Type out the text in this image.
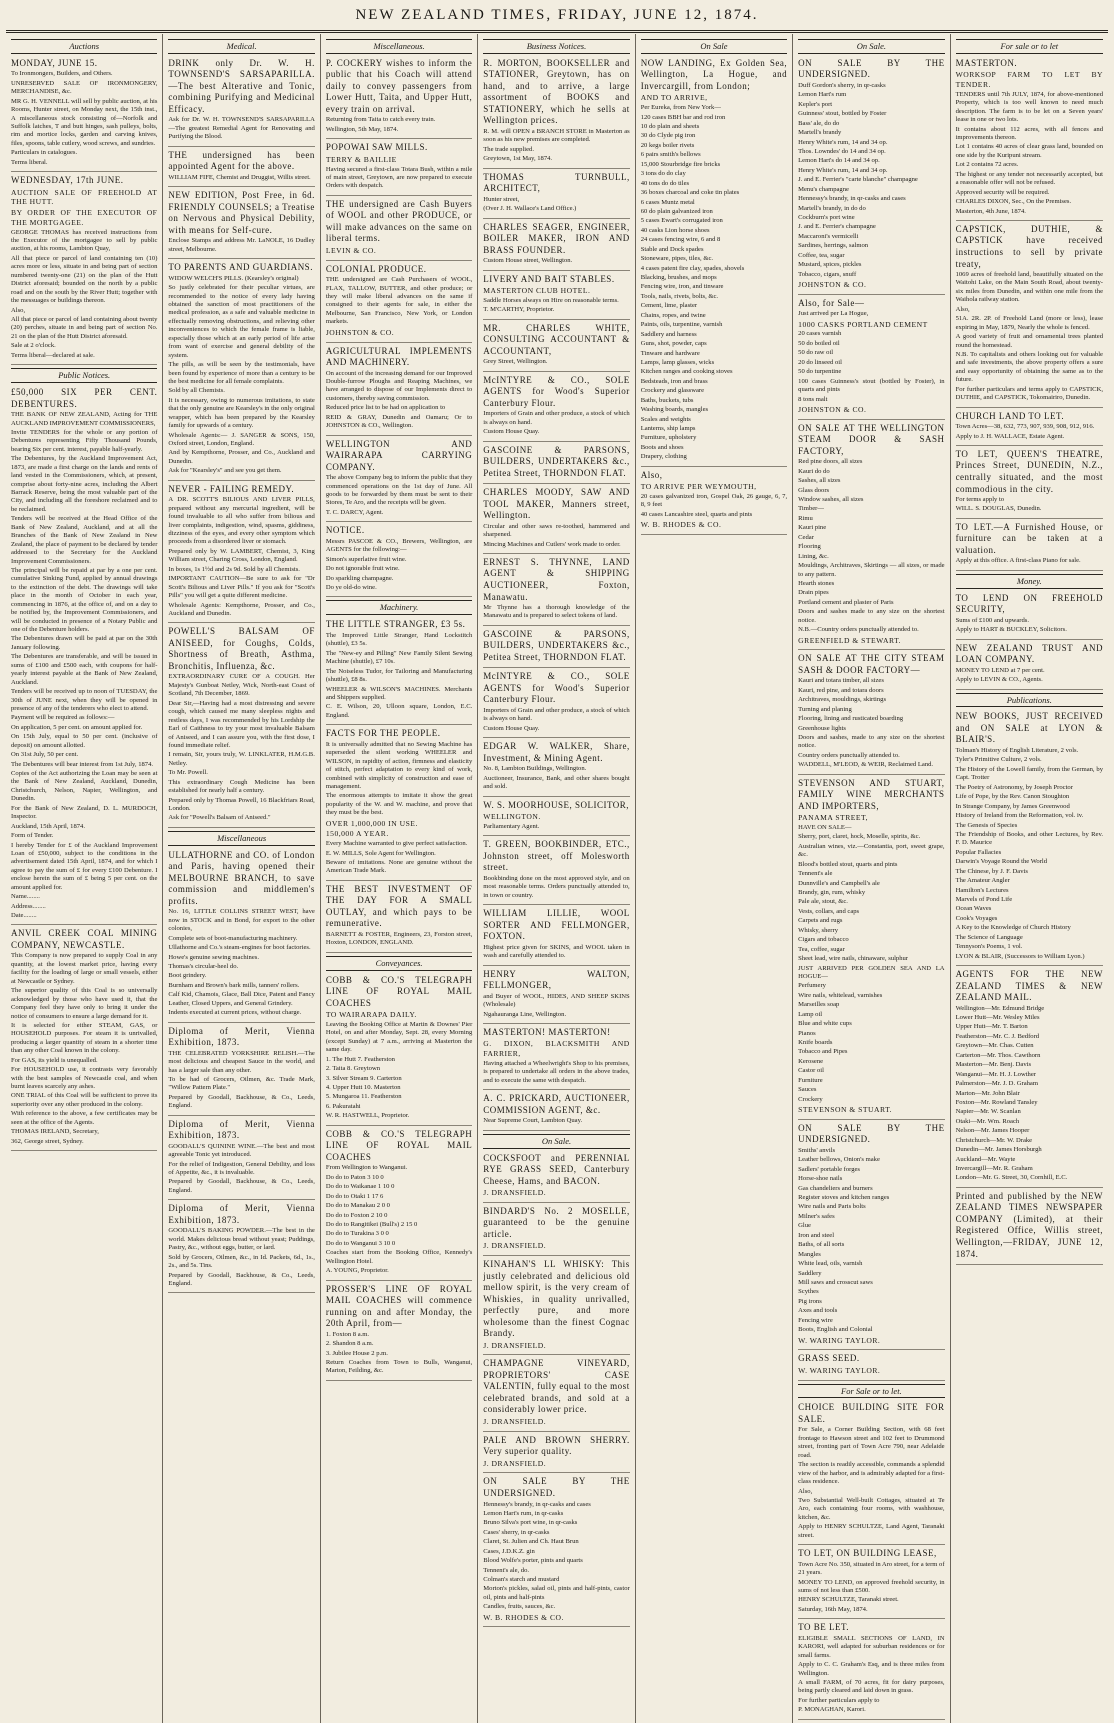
NEW ZEALAND TIMES, FRIDAY, JUNE 12, 1874.
Auctions

MONDAY, JUNE 15.

To Ironmongers, Builders, and Others.

UNRESERVED SALE OF IRONMONGERY, MERCHANDISE, &c.

MR G. H. VENNELL will sell by public auction, at his Rooms, Hunter street, on Monday next, the 15th inst., A miscellaneous stock consisting of—Norfolk and Suffolk latches, T and butt hinges, sash pulleys, bolts, rim and mortice locks, garden and carving knives, files, spoons, table cutlery, wood screws, and sundries.

Particulars in catalogues.

Terms liberal.

WEDNESDAY, 17th JUNE.

AUCTION SALE OF FREEHOLD AT THE HUTT.

BY ORDER OF THE EXECUTOR OF THE MORTGAGEE.

GEORGE THOMAS has received instructions from the Executor of the mortgagee to sell by public auction, at his rooms, Lambton Quay,

All that piece or parcel of land containing ten (10) acres more or less, situate in and being part of section numbered twenty-one (21) on the plan of the Hutt District aforesaid; bounded on the north by a public road and on the south by the River Hutt; together with the messuages or buildings thereon.

Also,

All that piece or parcel of land containing about twenty (20) perches, situate in and being part of section No. 21 on the plan of the Hutt District aforesaid.

Sale at 2 o'clock.

Terms liberal—declared at sale.

Public Notices.

£50,000 SIX PER CENT. DEBENTURES.

THE BANK OF NEW ZEALAND, Acting for THE AUCKLAND IMPROVEMENT COMMISSIONERS,

Invite TENDERS for the whole or any portion of Debentures representing Fifty Thousand Pounds, bearing Six per cent. interest, payable half-yearly.

The Debentures, by the Auckland Improvement Act, 1873, are made a first charge on the lands and rents of land vested in the Commissioners, which, at present, comprise about forty-nine acres, including the Albert Barrack Reserve, being the most valuable part of the City, and including all the foreshore reclaimed and to be reclaimed.

Tenders will be received at the Head Office of the Bank of New Zealand, Auckland, and at all the Branches of the Bank of New Zealand in New Zealand, the place of payment to be declared by tender addressed to the Secretary for the Auckland Improvement Commissioners.

The principal will be repaid at par by a one per cent. cumulative Sinking Fund, applied by annual drawings to the extinction of the debt. The drawings will take place in the month of October in each year, commencing in 1876, at the office of, and on a day to be notified by, the Improvement Commissioners, and will be conducted in presence of a Notary Public and one of the Debenture holders.

The Debentures drawn will be paid at par on the 30th January following.

The Debentures are transferable, and will be issued in sums of £100 and £500 each, with coupons for half-yearly interest payable at the Bank of New Zealand, Auckland.

Tenders will be received up to noon of TUESDAY, the 30th of JUNE next, when they will be opened in presence of any of the tenderers who elect to attend.

Payment will be required as follows:—

On application, 5 per cent. on amount applied for.

On 15th July, equal to 50 per cent. (inclusive of deposit) on amount allotted.

On 31st July, 50 per cent.

The Debentures will bear interest from 1st July, 1874.

Copies of the Act authorizing the Loan may be seen at the Bank of New Zealand, Auckland, Dunedin, Christchurch, Nelson, Napier, Wellington, and Dunedin.

For the Bank of New Zealand, D. L. MURDOCH, Inspector.

Auckland, 15th April, 1874.

Form of Tender.

I hereby Tender for £ of the Auckland Improvement Loan of £50,000, subject to the conditions in the advertisement dated 15th April, 1874, and for which I agree to pay the sum of £ for every £100 Debenture. I enclose herein the sum of £ being 5 per cent. on the amount applied for.

Name........

Address........

Date........

ANVIL CREEK COAL MINING COMPANY, NEWCASTLE.

This Company is now prepared to supply Coal in any quantity, at the lowest market price, having every facility for the loading of large or small vessels, either at Newcastle or Sydney.

The superior quality of this Coal is so universally acknowledged by those who have used it, that the Company feel they have only to bring it under the notice of consumers to ensure a large demand for it.

It is selected for either STEAM, GAS, or HOUSEHOLD purposes. For steam it is unrivalled, producing a larger quantity of steam in a shorter time than any other Coal known in the colony.

For GAS, its yield is unequalled.

For HOUSEHOLD use, it contrasts very favorably with the best samples of Newcastle coal, and when burnt leaves scarcely any ashes.

ONE TRIAL of this Coal will be sufficient to prove its superiority over any other produced in the colony.

With reference to the above, a few certificates may be seen at the office of the Agents.

THOMAS IRELAND, Secretary,

362, George street, Sydney.

Medical.

DRINK only Dr. W. H. TOWNSEND'S SARSAPARILLA.—The best Alterative and Tonic, combining Purifying and Medicinal Efficacy.

Ask for Dr. W. H. TOWNSEND'S SARSAPARILLA—The greatest Remedial Agent for Renovating and Purifying the Blood.

THE undersigned has been appointed Agent for the above.

WILLIAM FIFE, Chemist and Druggist, Willis street.

NEW EDITION, Post Free, in 6d. FRIENDLY COUNSELS; a Treatise on Nervous and Physical Debility, with means for Self-cure.

Enclose Stamps and address Mr. LaNOLE, 16 Dudley street, Melbourne.

TO PARENTS AND GUARDIANS.

WIDOW WELCH'S PILLS. (Kearsley's original)

So justly celebrated for their peculiar virtues, are recommended to the notice of every lady having obtained the sanction of most practitioners of the medical profession, as a safe and valuable medicine in effectually removing obstructions, and relieving other inconveniences to which the female frame is liable, especially those which at an early period of life arise from want of exercise and general debility of the system.

The pills, as will be seen by the testimonials, have been found by experience of more than a century to be the best medicine for all female complaints.

Sold by all Chemists.

It is necessary, owing to numerous imitations, to state that the only genuine are Kearsley's in the only original wrapper, which has been prepared by the Kearsley family for upwards of a century.

Wholesale Agents:— J. SANGER & SONS, 150, Oxford street, London, England.

And by Kempthorne, Prosser, and Co., Auckland and Dunedin.

Ask for "Kearsley's" and see you get them.

NEVER - FAILING REMEDY.

A DR. SCOTT'S BILIOUS AND LIVER PILLS, prepared without any mercurial ingredient, will be found invaluable to all who suffer from bilious and liver complaints, indigestion, wind, spasms, giddiness, dizziness of the eyes, and every other symptom which proceeds from a disordered liver or stomach.

Prepared only by W. LAMBERT, Chemist, 3, King William street, Charing Cross, London, England.

In boxes, 1s 1½d and 2s 9d. Sold by all Chemists.

IMPORTANT CAUTION—Be sure to ask for "Dr Scott's Bilious and Liver Pills." If you ask for "Scott's Pills" you will get a quite different medicine.

Wholesale Agents: Kempthorne, Prosser, and Co., Auckland and Dunedin.

POWELL'S BALSAM OF ANISEED, for Coughs, Colds, Shortness of Breath, Asthma, Bronchitis, Influenza, &c.

EXTRAORDINARY CURE OF A COUGH. Her Majesty's Gunboat Netley, Wick, North-east Coast of Scotland, 7th December, 1869.

Dear Sir,—Having had a most distressing and severe cough, which caused me many sleepless nights and restless days, I was recommended by his Lordship the Earl of Caithness to try your most invaluable Balsam of Aniseed, and I can assure you, with the first dose, I found immediate relief.

I remain, Sir, yours truly, W. LINKLATER, H.M.G.B. Netley.

To Mr. Powell.

This extraordinary Cough Medicine has been established for nearly half a century.

Prepared only by Thomas Powell, 16 Blackfriars Road, London.

Ask for "Powell's Balsam of Aniseed."

Miscellaneous

ULLATHORNE and CO. of London and Paris, having opened their MELBOURNE BRANCH, to save commission and middlemen's profits.

No. 16, LITTLE COLLINS STREET WEST, have now in STOCK and in Bond, for export to the other colonies,

Complete sets of boot-manufacturing machinery.

Ullathorne and Co.'s steam-engines for boot factories.

Howe's genuine sewing machines.

Thomas's circular-heel do.

Boot grindery.

Burnham and Brown's bark mills, tanners' rollers.

Calf Kid, Chamois, Glace, Ball Dice, Patent and Fancy Leather, Closed Uppers, and General Grindery.

Indents executed at current prices, without charge.

Diploma of Merit, Vienna Exhibition, 1873.

THE CELEBRATED YORKSHIRE RELISH.—The most delicious and cheapest Sauce in the world, and has a larger sale than any other.

To be had of Grocers, Oilmen, &c. Trade Mark, "Willow Pattern Plate."

Prepared by Goodall, Backhouse, & Co., Leeds, England.

Diploma of Merit, Vienna Exhibition, 1873.

GOODALL'S QUININE WINE.—The best and most agreeable Tonic yet introduced.

For the relief of Indigestion, General Debility, and loss of Appetite, &c., it is invaluable.

Prepared by Goodall, Backhouse, & Co., Leeds, England.

Diploma of Merit, Vienna Exhibition, 1873.

GOODALL'S BAKING POWDER.—The best in the world. Makes delicious bread without yeast; Puddings, Pastry, &c., without eggs, butter, or lard.

Sold by Grocers, Oilmen, &c., in Id. Packets, 6d., 1s., 2s., and 5s. Tins.

Prepared by Goodall, Backhouse, & Co., Leeds, England.

Miscellaneous.

P. COCKERY wishes to inform the public that his Coach will attend daily to convey passengers from Lower Hutt, Taita, and Upper Hutt, every train on arrival.

Returning from Taita to catch every train.

Wellington, 5th May, 1874.

POPOWAI SAW MILLS.

TERRY & BAILLIE

Having secured a first-class Totara Bush, within a mile of main street, Greytown, are now prepared to execute Orders with despatch.

THE undersigned are Cash Buyers of WOOL and other PRODUCE, or will make advances on the same on liberal terms.

LEVIN & CO.

COLONIAL PRODUCE.

THE undersigned are Cash Purchasers of WOOL, FLAX, TALLOW, BUTTER, and other produce; or they will make liberal advances on the same if consigned to their agents for sale, in either the Melbourne, San Francisco, New York, or London markets.

JOHNSTON & CO.

AGRICULTURAL IMPLEMENTS AND MACHINERY.

On account of the increasing demand for our Improved Double-furrow Ploughs and Reaping Machines, we have arranged to dispose of our Implements direct to customers, thereby saving commission.

Reduced price list to be had on application to

REID & GRAY, Dunedin and Oamaru; Or to JOHNSTON & CO., Wellington.

WELLINGTON AND WAIRARAPA CARRYING COMPANY.

The above Company beg to inform the public that they commenced operations on the 1st day of June. All goods to be forwarded by them must be sent to their Stores, Te Aro, and the receipts will be given.

T. C. DARCY, Agent.

NOTICE.

Messrs PASCOE & CO., Brewers, Wellington, are AGENTS for the following:—

Simon's superlative fruit wine.

Do not ignorable fruit wine.

Do sparkling champagne.

Do ye old-do wine.

Machinery.

THE LITTLE STRANGER, £3 5s.

The Improved Little Stranger, Hand Lockstitch (shuttle), £3 5s.

The "New-ey and Pilling" New Family Silent Sewing Machine (shuttle), £7 10s.

The Noiseless Tudor, for Tailoring and Manufacturing (shuttle), £8 8s.

WHEELER & WILSON'S MACHINES. Merchants and Shippers supplied.

C. E. Wilson, 20, Ulloon square, London, E.C. England.

FACTS FOR THE PEOPLE.

It is universally admitted that no Sewing Machine has superseded the silent working WHEELER and WILSON, in rapidity of action, firmness and elasticity of stitch, perfect adaptation to every kind of work, combined with simplicity of construction and ease of management.

The enormous attempts to imitate it show the great popularity of the W. and W. machine, and prove that they must be the best.

OVER 1,000,000 IN USE.

150,000 A YEAR.

Every Machine warranted to give perfect satisfaction.

E. W. MILLS, Sole Agent for Wellington.

Beware of imitations. None are genuine without the American Trade Mark.

THE BEST INVESTMENT OF THE DAY FOR A SMALL OUTLAY, and which pays to be remunerative.

BARNETT & FOSTER, Engineers, 23, Forston street, Hoxton, LONDON, ENGLAND.

Conveyances.

COBB & CO.'S TELEGRAPH LINE OF ROYAL MAIL COACHES

TO WAIRARAPA DAILY.

Leaving the Booking Office at Martin & Downes' Pier Hotel, on and after Monday, Sept. 28, every Morning (except Sunday) at 7 a.m., arriving at Masterton the same day.

1. The Hutt 7. Featherston

2. Taita 8. Greytown

3. Silver Stream 9. Carterton

4. Upper Hutt 10. Masterton

5. Mungaroa 11. Featherston

6. Pakuratahi

W. R. HASTWELL, Proprietor.

COBB & CO.'S TELEGRAPH LINE OF ROYAL MAIL COACHES

From Wellington to Wanganui.

Do do to Paton 3 10 0

Do do to Waikanae 1 10 0

Do do to Otaki 1 17 6

Do do to Manakau 2 0 0

Do do to Foxton 2 10 0

Do do to Rangitikei (Bull's) 2 15 0

Do do to Turakina 3 0 0

Do do to Wanganui 3 10 0

Coaches start from the Booking Office, Kennedy's Wellington Hotel.

A. YOUNG, Proprietor.

PROSSER'S LINE OF ROYAL MAIL COACHES will commence running on and after Monday, the 20th April, from—

1. Foxton 8 a.m.

2. Shandon 8 a.m.

3. Jubilee House 2 p.m.

Return Coaches from Town to Bulls, Wanganui, Marton, Feilding, &c.

Business Notices.

R. MORTON, BOOKSELLER and STATIONER, Greytown, has on hand, and to arrive, a large assortment of BOOKS and STATIONERY, which he sells at Wellington prices.

R. M. will OPEN a BRANCH STORE in Masterton as soon as his new premises are completed.

The trade supplied.

Greytown, 1st May, 1874.

THOMAS TURNBULL, ARCHITECT,

Hunter street,

(Over J. H. Wallace's Land Office.)

CHARLES SEAGER, ENGINEER, BOILER MAKER, IRON AND BRASS FOUNDER.

Custom House street, Wellington.

LIVERY AND BAIT STABLES.

MASTERTON CLUB HOTEL.

Saddle Horses always on Hire on reasonable terms.

T. M'CARTHY, Proprietor.

MR. CHARLES WHITE, CONSULTING ACCOUNTANT & ACCOUNTANT,

Grey Street, Wellington.

McINTYRE & CO., SOLE AGENTS for Wood's Superior Canterbury Flour.

Importers of Grain and other produce, a stock of which is always on hand.

Custom House Quay.

GASCOINE & PARSONS, BUILDERS, UNDERTAKERS &c., Petitea Street, THORNDON FLAT.

CHARLES MOODY, SAW AND TOOL MAKER, Manners street, Wellington.

Circular and other saws re-toothed, hammered and sharpened.

Mincing Machines and Cutlers' work made to order.

ERNEST S. THYNNE, LAND AGENT & SHIPPING AUCTIONEER, Foxton, Manawatu.

Mr Thynne has a thorough knowledge of the Manawatu and is prepared to select tokens of land.

GASCOINE & PARSONS, BUILDERS, UNDERTAKERS &c., Petitea Street, THORNDON FLAT.

McINTYRE & CO., SOLE AGENTS for Wood's Superior Canterbury Flour.

Importers of Grain and other produce, a stock of which is always on hand.

Custom House Quay.

EDGAR W. WALKER, Share, Investment, & Mining Agent.

No. 8, Lambton Buildings, Wellington.

Auctioneer, Insurance, Bank, and other shares bought and sold.

W. S. MOORHOUSE, SOLICITOR,

WELLINGTON.

Parliamentary Agent.

T. GREEN, BOOKBINDER, ETC., Johnston street, off Molesworth street.

Bookbinding done on the most approved style, and on most reasonable terms. Orders punctually attended to, in town or country.

WILLIAM LILLIE, WOOL SORTER AND FELLMONGER, FOXTON.

Highest price given for SKINS, and WOOL taken in wash and carefully attended to.

HENRY WALTON, FELLMONGER,

and Buyer of WOOL, HIDES, AND SHEEP SKINS (Wholesale)

Ngahauranga Line, Wellington.

MASTERTON! MASTERTON!

G. DIXON, BLACKSMITH AND FARRIER,

Having attached a Wheelwright's Shop to his premises, is prepared to undertake all orders in the above trades, and to execute the same with despatch.

A. C. PRICKARD, AUCTIONEER, COMMISSION AGENT, &c.

Near Supreme Court, Lambton Quay.

On Sale.

COCKSFOOT and PERENNIAL RYE GRASS SEED, Canterbury Cheese, Hams, and BACON.

J. DRANSFIELD.

BINDARD'S No. 2 MOSELLE, guaranteed to be the genuine article.

J. DRANSFIELD.

KINAHAN'S LL WHISKY: This justly celebrated and delicious old mellow spirit, is the very cream of Whiskies, in quality unrivalled, perfectly pure, and more wholesome than the finest Cognac Brandy.

J. DRANSFIELD.

CHAMPAGNE VINEYARD, PROPRIETORS' CASE VALENTIN, fully equal to the most celebrated brands, and sold at a considerably lower price.

J. DRANSFIELD.

PALE AND BROWN SHERRY. Very superior quality.

J. DRANSFIELD.

ON SALE BY THE UNDERSIGNED.

Hennessy's brandy, in qr-casks and cases

Lemon Hart's rum, in qr-casks

Bruno Silva's port wine, in qr-casks

Cases' sherry, in qr-casks

Claret, St. Julien and Ch. Haut Brun

Cases, J.D.K.Z. gin

Blood Wolfe's porter, pints and quarts

Tennent's ale, do.

Colman's starch and mustard

Morton's pickles, salad oil, pints and half-pints, castor oil, pints and half-pints

Candles, fruits, sauces, &c.

W. B. RHODES & CO.

On Sale

NOW LANDING, Ex Golden Sea, Wellington, La Hogue, and Invercargill, from London;

AND TO ARRIVE,

Per Eureka, from New York—

120 cases BBH bar and rod iron

10 do plain and sheets

30 do Clyde pig iron

20 kegs boiler rivets

6 pairs smith's bellows

15,000 Stourbridge fire bricks

3 tons do do clay

40 tons do do tiles

36 boxes charcoal and coke tin plates

6 cases Muntz metal

60 do plain galvanized iron

5 cases Ewart's corrugated iron

40 casks Lion horse shoes

24 cases fencing wire, 6 and 8

Stable and Dock spades

Stoneware, pipes, tiles, &c.

4 cases patent fire clay, spades, shovels

Blacking, brushes, and mops

Fencing wire, iron, and tinware

Tools, nails, rivets, bolts, &c.

Cement, lime, plaster

Chains, ropes, and twine

Paints, oils, turpentine, varnish

Saddlery and harness

Guns, shot, powder, caps

Tinware and hardware

Lamps, lamp glasses, wicks

Kitchen ranges and cooking stoves

Bedsteads, iron and brass

Crockery and glassware

Baths, buckets, tubs

Washing boards, mangles

Scales and weights

Lanterns, ship lamps

Furniture, upholstery

Boots and shoes

Drapery, clothing

Also,

TO ARRIVE PER WEYMOUTH,

20 cases galvanized iron, Gospel Oak, 26 gauge, 6, 7, 8, 9 feet

40 cases Lancashire steel, quarts and pints

W. B. RHODES & CO.

On Sale.

ON SALE BY THE UNDERSIGNED.

Duff Gordon's sherry, in qr-casks

Lemon Hart's rum

Kepler's port

Guinness' stout, bottled by Foster

Bass' ale, do do

Martell's brandy

Henry White's rum, 14 and 34 op.

Thos. Lowndes' do 14 and 34 op.

Lemon Hart's do 14 and 34 op.

Henry White's rum, 14 and 34 op.

J. and E. Ferrier's "carte blanche" champagne

Menu's champagne

Hennessy's brandy, in qr-casks and cases

Martell's brandy, in do do

Cockburn's port wine

J. and E. Ferrier's champagne

Maccaroni's vermicelli

Sardines, herrings, salmon

Coffee, tea, sugar

Mustard, spices, pickles

Tobacco, cigars, snuff

JOHNSTON & CO.

Also, for Sale—

Just arrived per La Hogue,

1000 CASKS PORTLAND CEMENT

20 cases varnish

50 do boiled oil

50 do raw oil

20 do linseed oil

50 do turpentine

100 cases Guinness's stout (bottled by Foster), in quarts and pints

8 tons malt

JOHNSTON & CO.

ON SALE AT THE WELLINGTON STEAM DOOR & SASH FACTORY,

Red pine doors, all sizes

Kauri do do

Sashes, all sizes

Glass doors

Window sashes, all sizes

Timber—

Rimu

Kauri pine

Cedar

Flooring

Lining, &c.

Mouldings, Architraves, Skirtings — all sizes, or made to any pattern.

Hearth stones

Drain pipes

Portland cement and plaster of Paris

Doors and sashes made to any size on the shortest notice.

N.B.—Country orders punctually attended to.

GREENFIELD & STEWART.

ON SALE AT THE CITY STEAM SASH & DOOR FACTORY—

Kauri and totara timber, all sizes

Kauri, red pine, and totara doors

Architraves, mouldings, skirtings

Turning and planing

Flooring, lining and rusticated boarding

Greenhouse lights

Doors and sashes, made to any size on the shortest notice.

Country orders punctually attended to.

WADDELL, M'LEOD, & WEIR, Reclaimed Land.

STEVENSON AND STUART, FAMILY WINE MERCHANTS AND IMPORTERS,

PANAMA STREET,

HAVE ON SALE—

Sherry, port, claret, hock, Moselle, spirits, &c.

Australian wines, viz.—Constantia, port, sweet grape, &c.

Blood's bottled stout, quarts and pints

Tennent's ale

Dunnville's and Campbell's ale

Brandy, gin, rum, whisky

Pale ale, stout, &c.

Vests, collars, and caps

Carpets and rugs

Whisky, sherry

Cigars and tobacco

Tea, coffee, sugar

Sheet lead, wire nails, chinaware, sulphur

JUST ARRIVED PER GOLDEN SEA AND LA HOGUE—

Perfumery

Wire nails, whitelead, varnishes

Marseilles soap

Lamp oil

Blue and white cups

Pianos

Knife boards

Tobacco and Pipes

Kerosene

Castor oil

Furniture

Sauces

Crockery

STEVENSON & STUART.

ON SALE BY THE UNDERSIGNED.

Smiths' anvils

Leather bellows, Onion's make

Sadlers' portable forges

Horse-shoe nails

Gas chandeliers and burners

Register stoves and kitchen ranges

Wire nails and Paris bolts

Milner's safes

Glue

Iron and steel

Baths, of all sorts

Mangles

White lead, oils, varnish

Saddlery

Mill saws and crosscut saws

Scythes

Pig irons

Axes and tools

Fencing wire

Boots, English and Colonial

W. WARING TAYLOR.

GRASS SEED.

W. WARING TAYLOR.

For Sale or to let.

CHOICE BUILDING SITE FOR SALE.

For Sale, a Corner Building Section, with 68 feet frontage to Hawson street and 102 feet to Drummond street, fronting part of Town Acre 790, near Adelaide road.

The section is readily accessible, commands a splendid view of the harbor, and is admirably adapted for a first-class residence.

Also,

Two Substantial Well-built Cottages, situated at Te Aro, each containing four rooms, with washhouse, kitchen, &c.

Apply to HENRY SCHULTZE, Land Agent, Taranaki street.

TO LET, ON BUILDING LEASE,

Town Acre No. 350, situated in Aro street, for a term of 21 years.

MONEY TO LEND, on approved freehold security, in sums of not less than £500.

HENRY SCHULTZE, Taranaki street.

Saturday, 16th May, 1874.

TO BE LET.

ELIGIBLE SMALL SECTIONS OF LAND, IN KARORI, well adapted for suburban residences or for small farms.

Apply to C. C. Graham's Esq, and is three miles from Wellington.

A small FARM, of 70 acres, fit for dairy purposes, being partly cleared and laid down in grass.

For further particulars apply to

P. MONAGHAN, Karori.

For sale or to let

MASTERTON.

WORKSOP FARM TO LET BY TENDER.

TENDERS until 7th JULY, 1874, for above-mentioned Property, which is too well known to need much description. The farm is to be let on a Seven years' lease in one or two lots.

It contains about 112 acres, with all fences and improvements thereon.

Lot 1 contains 40 acres of clear grass land, bounded on one side by the Kuripuni stream.

Lot 2 contains 72 acres.

The highest or any tender not necessarily accepted, but a reasonable offer will not be refused.

Approved security will be required.

CHARLES DIXON, Sec., On the Premises.

Masterton, 4th June, 1874.

CAPSTICK, DUTHIE, & CAPSTICK have received instructions to sell by private treaty,

1069 acres of freehold land, beautifully situated on the Waitohi Lake, on the Main South Road, about twenty-six miles from Dunedin, and within one mile from the Waihola railway station.

Also,

51A. 2R. 2P. of Freehold Land (more or less), lease expiring in May, 1879, Nearly the whole is fenced.

A good variety of fruit and ornamental trees planted round the homestead.

N.B. To capitalists and others looking out for valuable and safe investments, the above property offers a sure and easy opportunity of obtaining the same as to the future.

For further particulars and terms apply to CAPSTICK, DUTHIE, and CAPSTICK, Tokomairiro, Dunedin.

CHURCH LAND TO LET.

Town Acres—38, 632, 773, 907, 939, 908, 912, 916.

Apply to J. H. WALLACE, Estate Agent.

TO LET, QUEEN'S THEATRE, Princes Street, DUNEDIN, N.Z., centrally situated, and the most commodious in the city.

For terms apply to

WILL. S. DOUGLAS, Dunedin.

TO LET.—A Furnished House, or furniture can be taken at a valuation.

Apply at this office. A first-class Piano for sale.

Money.

TO LEND ON FREEHOLD SECURITY,

Sums of £100 and upwards.

Apply to HART & BUCKLEY, Solicitors.

NEW ZEALAND TRUST AND LOAN COMPANY.

MONEY TO LEND at 7 per cent.

Apply to LEVIN & CO., Agents.

Publications.

NEW BOOKS, JUST RECEIVED and ON SALE at LYON & BLAIR'S.

Tolman's History of English Literature, 2 vols.

Tyler's Primitive Culture, 2 vols.

The History of the Lowell family, from the German, by Capt. Trotter

The Poetry of Astronomy, by Joseph Proctor

Life of Pope, by the Rev. Canon Stoughton

In Strange Company, by James Greenwood

History of Ireland from the Reformation, vol. iv.

The Genesis of Species

The Friendship of Books, and other Lectures, by Rev. F. D. Maurice

Popular Fallacies

Darwin's Voyage Round the World

The Chinese, by J. F. Davis

The Amateur Angler

Hamilton's Lectures

Marvels of Pond Life

Ocean Waves

Cook's Voyages

A Key to the Knowledge of Church History

The Science of Language

Tennyson's Poems, 1 vol.

LYON & BLAIR, (Successors to William Lyon.)

AGENTS FOR THE NEW ZEALAND TIMES & NEW ZEALAND MAIL.

Wellington—Mr. Edmund Bridge

Lower Hutt—Mr. Wesley Miles

Upper Hutt—Mr. T. Barton

Featherston—Mr. C. J. Bedford

Greytown—Mr. Chas. Cutten

Carterton—Mr. Thos. Cawthorn

Masterton—Mr. Benj. Davis

Wanganui—Mr. H. J. Lowther

Palmerston—Mr. J. D. Graham

Marton—Mr. John Blair

Foxton—Mr. Rowland Tansley

Napier—Mr. W. Scanlan

Otaki—Mr. Wm. Roach

Nelson—Mr. James Hooper

Christchurch—Mr. W. Drake

Dunedin—Mr. James Horsburgh

Auckland—Mr. Wayte

Invercargill—Mr. R. Graham

London—Mr. G. Street, 30, Cornhill, E.C.

Printed and published by the NEW ZEALAND TIMES NEWSPAPER COMPANY (Limited), at their Registered Office, Willis street, Wellington,—FRIDAY, JUNE 12, 1874.
